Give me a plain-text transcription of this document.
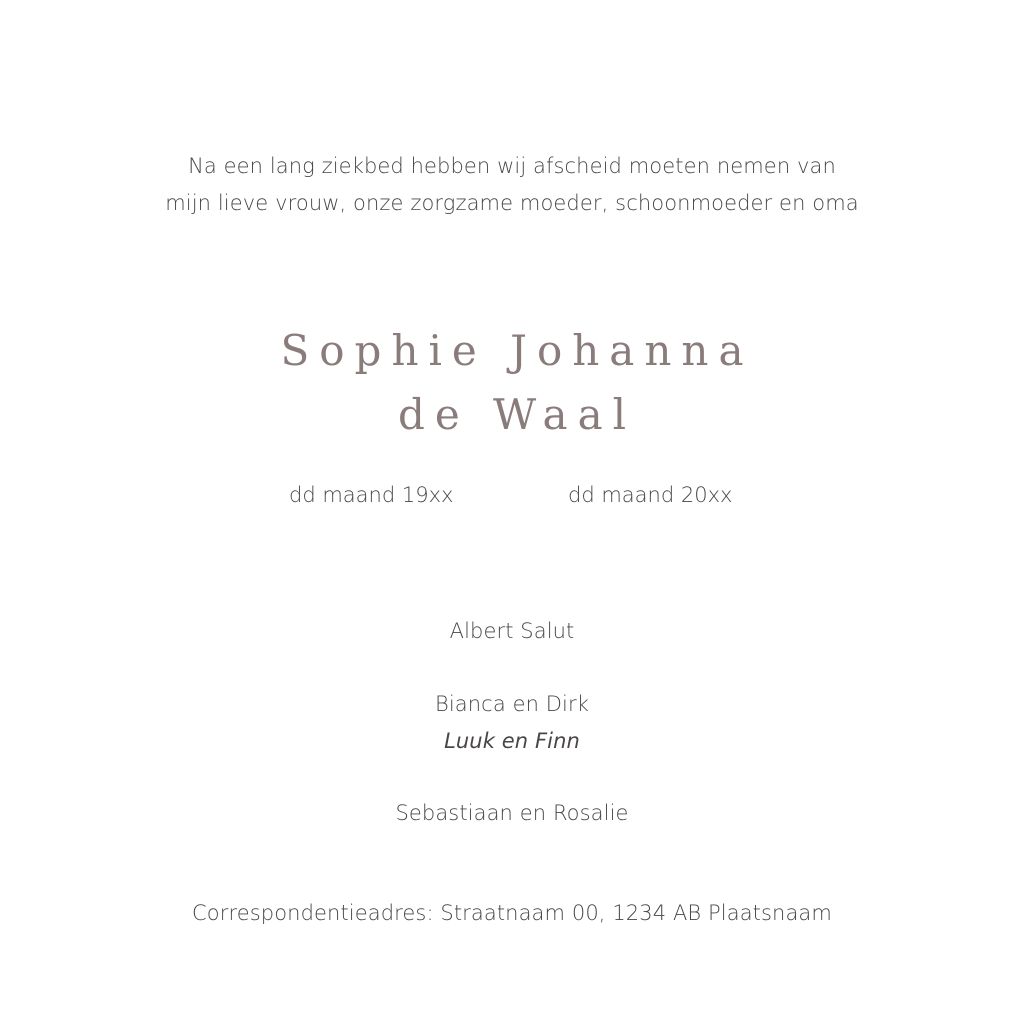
Na een lang ziekbed hebben wij afscheid moeten nemen van
mijn lieve vrouw, onze zorgzame moeder, schoonmoeder en oma
Sophie Johanna
de Waal
dd maand 19xx	dd maand 20xx
Albert Salut
Bianca en Dirk
Luuk en Finn
Sebastiaan en Rosalie
Correspondentieadres: Straatnaam 00, 1234 AB Plaatsnaam
